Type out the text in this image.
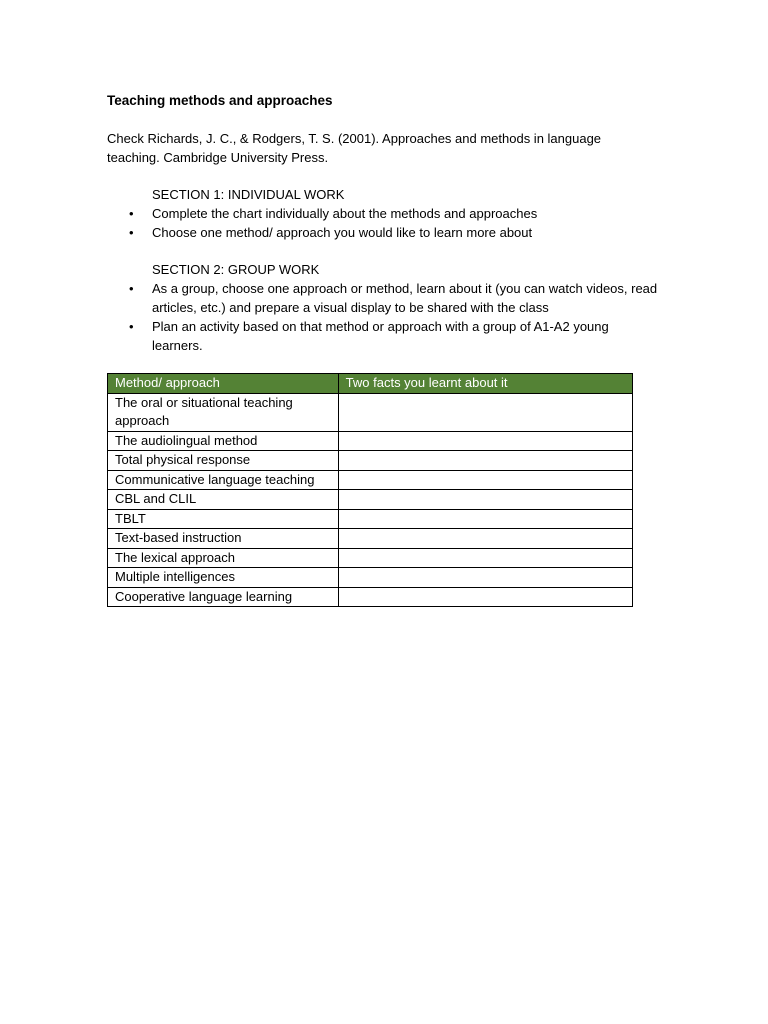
Teaching methods and approaches

Check Richards, J. C., & Rodgers, T. S. (2001). Approaches and methods in language teaching. Cambridge University Press.

SECTION 1: INDIVIDUAL WORK
• Complete the chart individually about the methods and approaches
• Choose one method/ approach you would like to learn more about
SECTION 2: GROUP WORK
• As a group, choose one approach or method, learn about it (you can watch videos, read articles, etc.) and prepare a visual display to be shared with the class
• Plan an activity based on that method or approach with a group of A1-A2 young learners.
Method/ approach	Two facts you learnt about it
The oral or situational teaching approach	
The audiolingual method	
Total physical response	
Communicative language teaching	
CBL and CLIL	
TBLT	
Text-based instruction	
The lexical approach	
Multiple intelligences	
Cooperative language learning	
